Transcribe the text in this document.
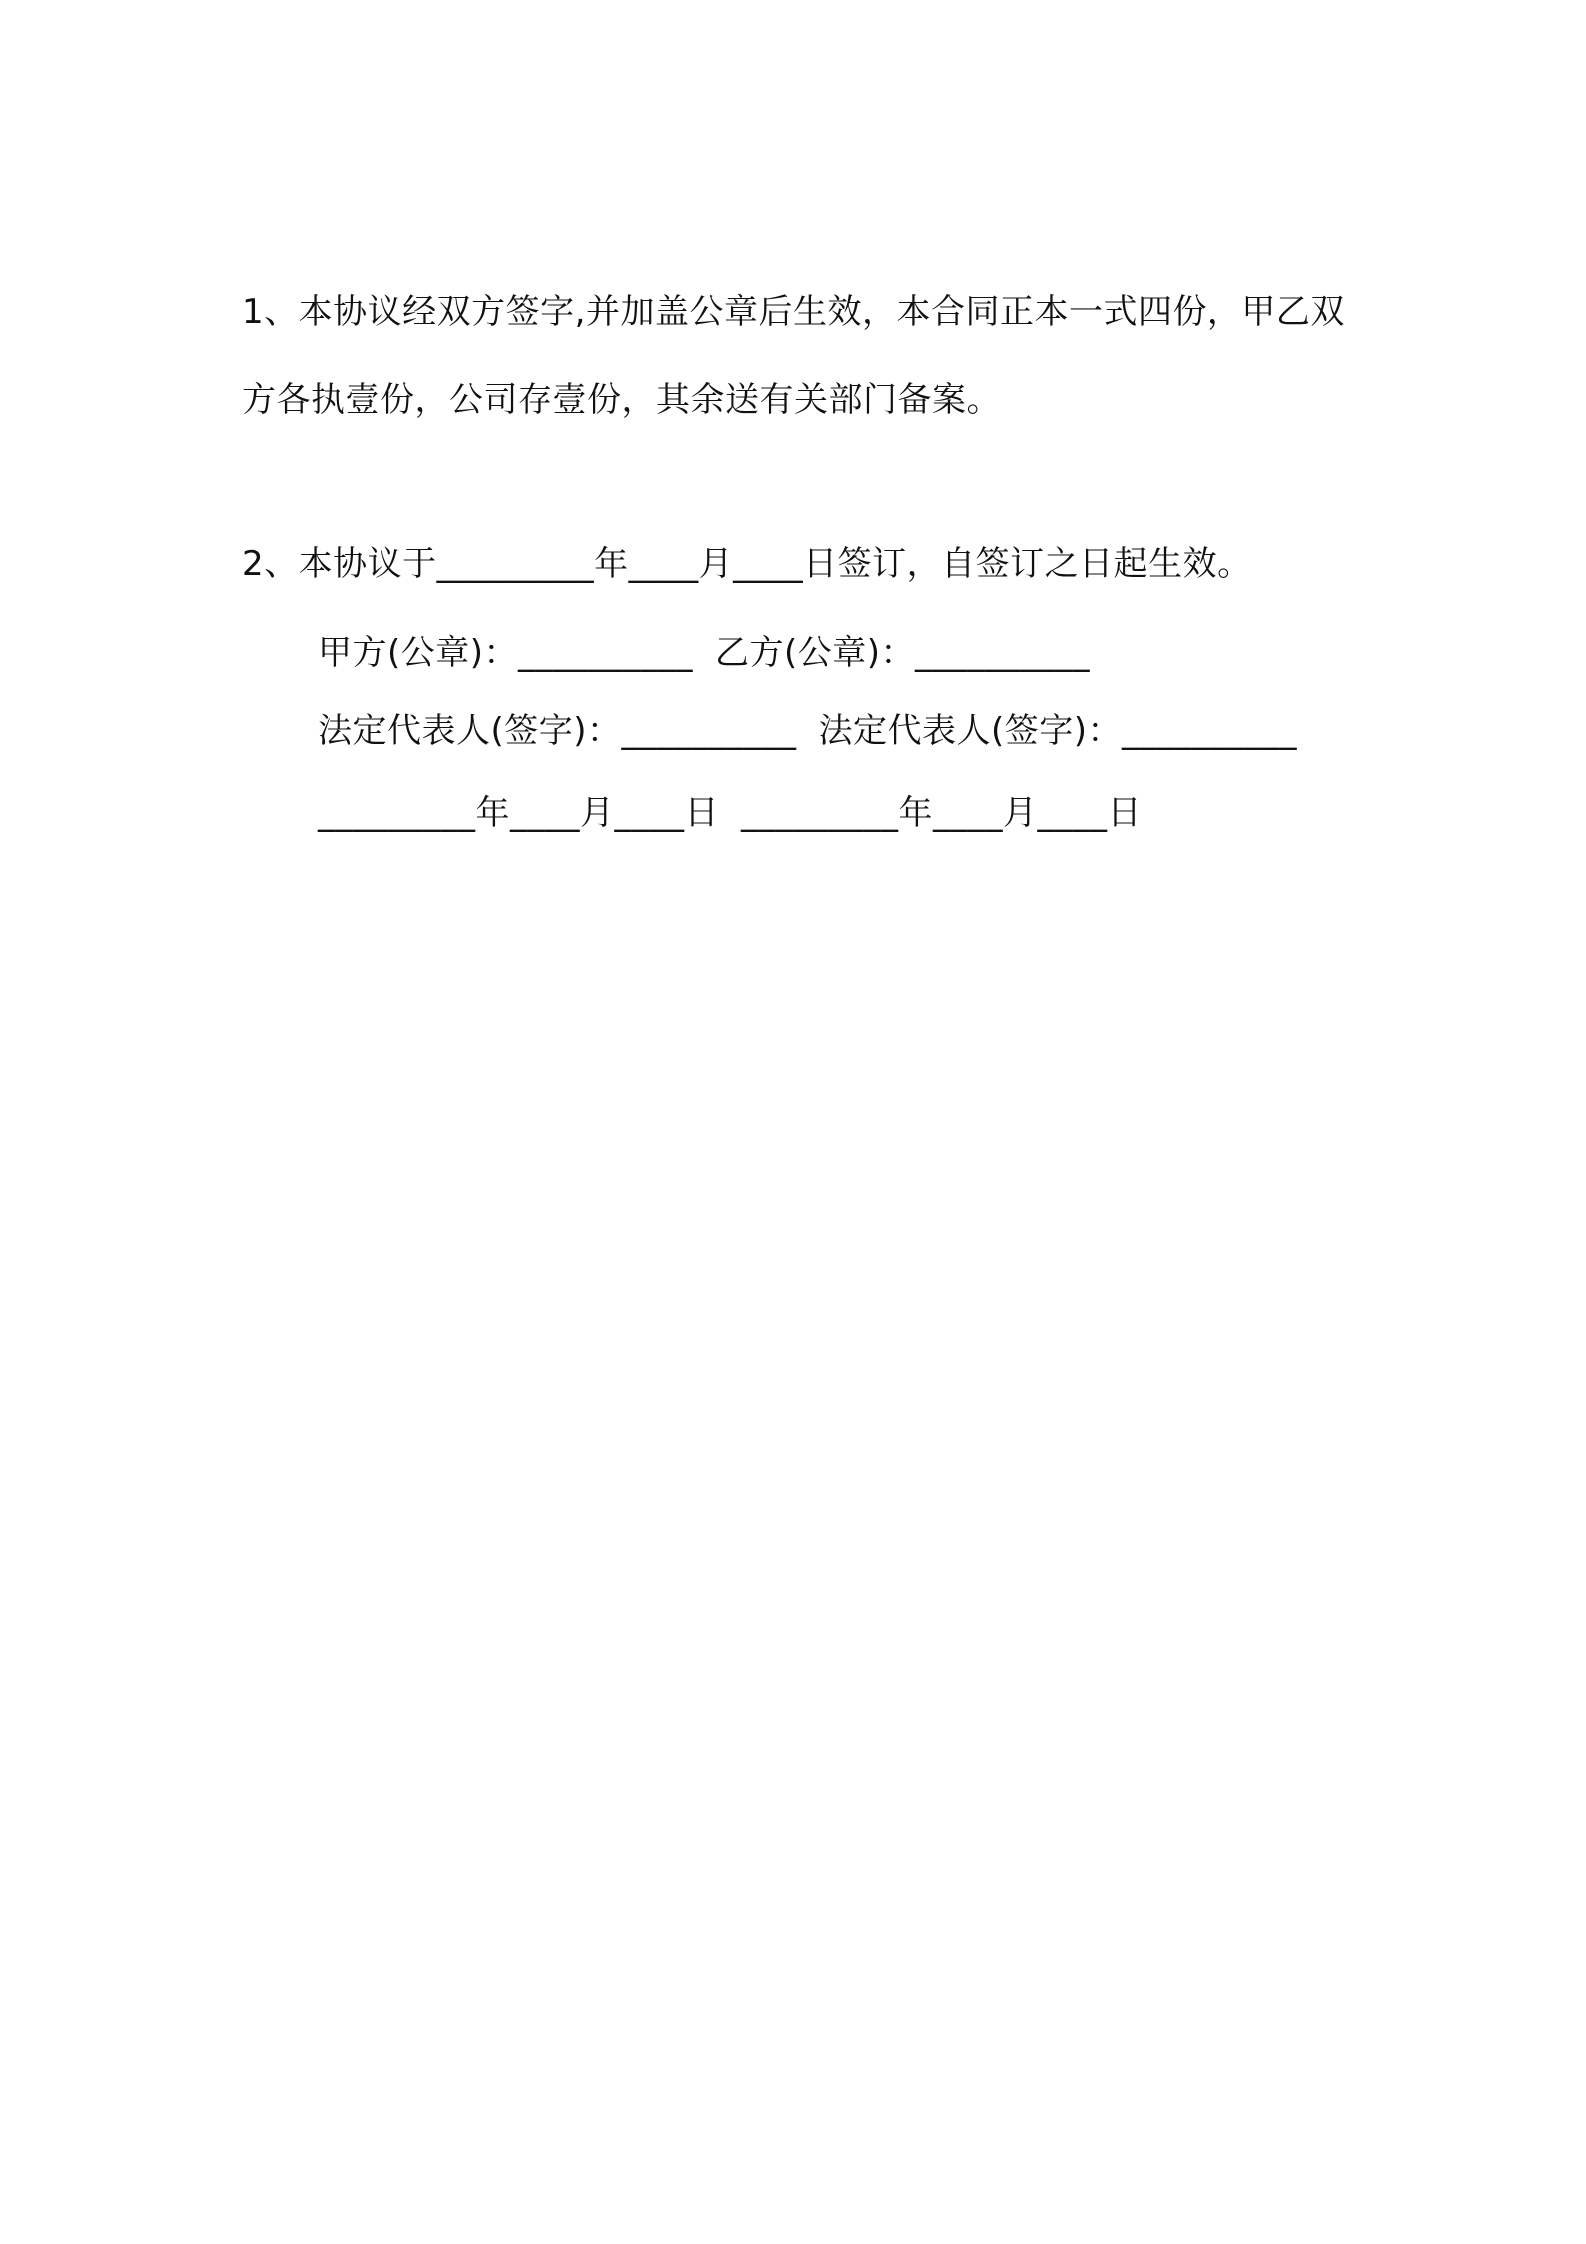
1、本协议经双方签字,并加盖公章后生效，本合同正本一式四份，甲乙双方各执壹份，公司存壹份，其余送有关部门备案。

2、本协议于_________年____月____日签订，自签订之日起生效。

甲方(公章)：__________ 乙方(公章)：__________
法定代表人(签字)：__________ 法定代表人(签字)：__________
_________年____月____日 _________年____月____日
